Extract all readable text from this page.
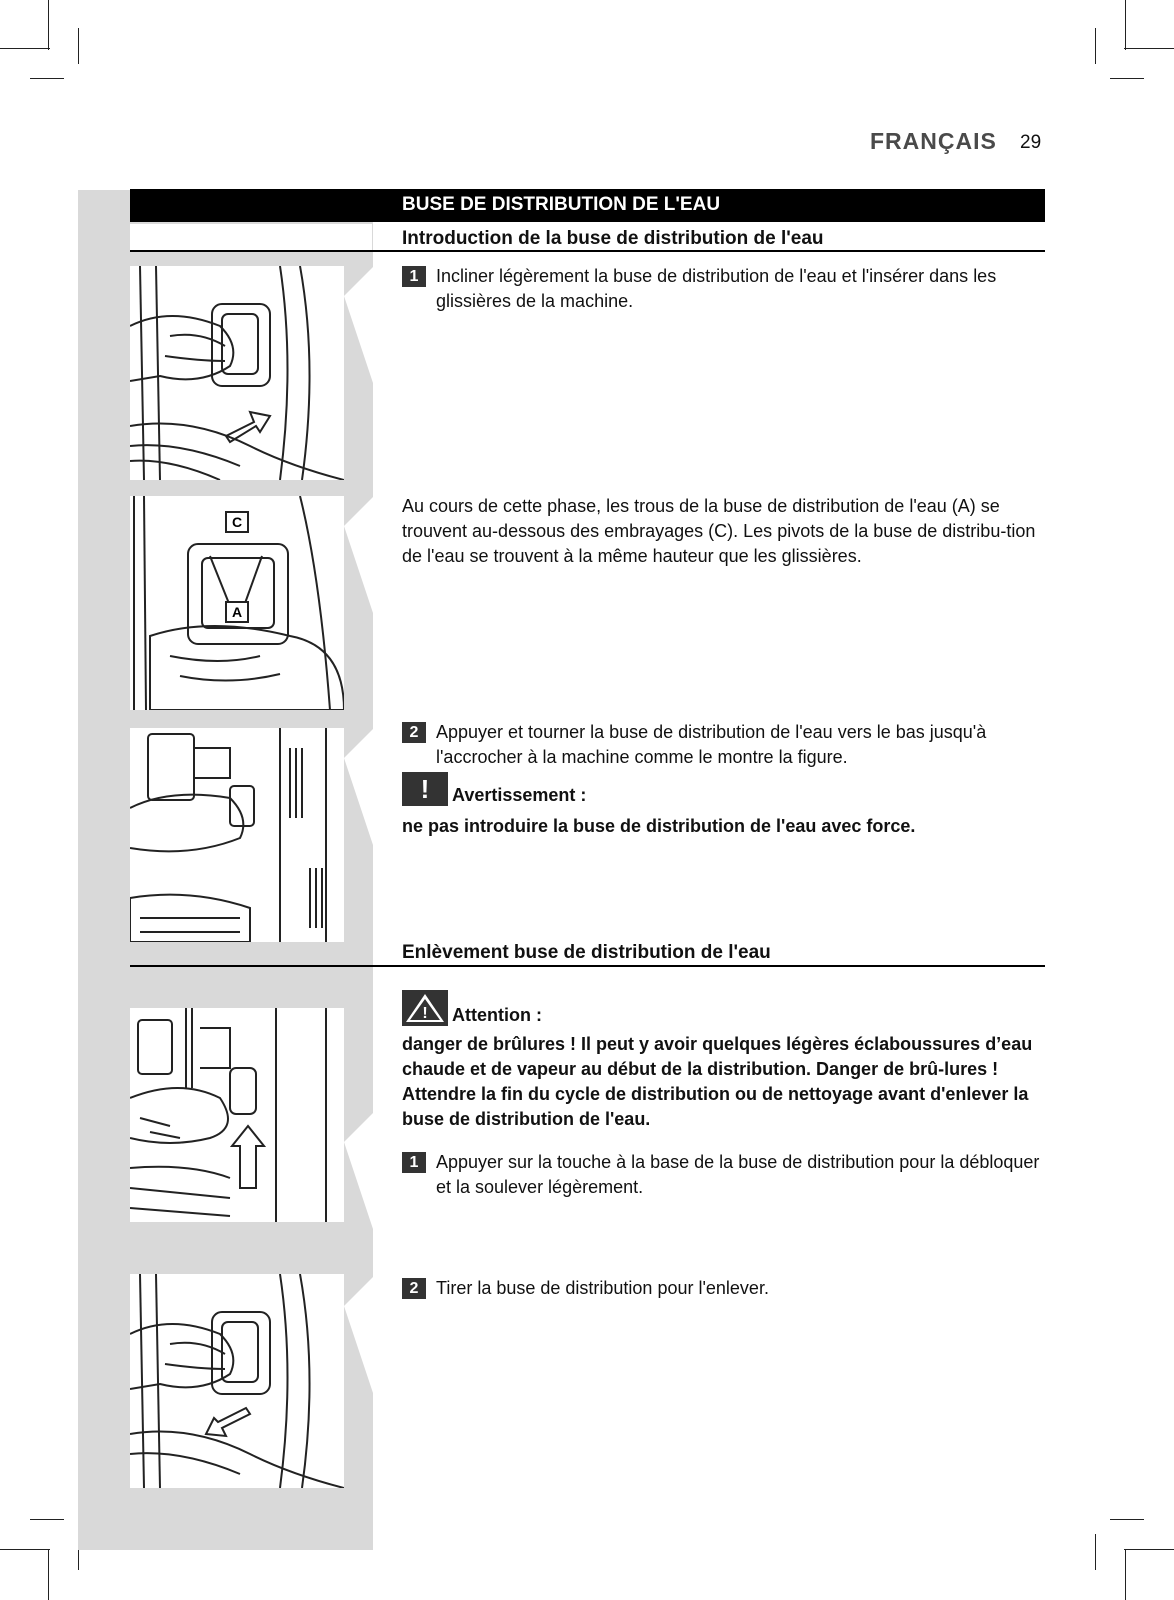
FRANÇAIS 29
BUSE DE DISTRIBUTION DE L'EAU
Introduction de la buse de distribution de l'eau
1 Incliner légèrement la buse de distribution de l'eau et l'insérer dans les glissières de la machine.
C
A
Au cours de cette phase, les trous de la buse de distribution de l'eau (A) se trouvent au-dessous des embrayages (C). Les pivots de la buse de distribu-tion de l'eau se trouvent à la même hauteur que les glissières.
2 Appuyer et tourner la buse de distribution de l'eau vers le bas jusqu'à l'accrocher à la machine comme le montre la figure.
! Avertissement :
ne pas introduire la buse de distribution de l'eau avec force.
Enlèvement buse de distribution de l'eau
! Attention :
danger de brûlures ! Il peut y avoir quelques légères éclaboussures d’eau chaude et de vapeur au début de la distribution. Danger de brû-lures ! Attendre la fin du cycle de distribution ou de nettoyage avant d'enlever la buse de distribution de l'eau.
1 Appuyer sur la touche à la base de la buse de distribution pour la débloquer et la soulever légèrement.
2 Tirer la buse de distribution pour l'enlever.
